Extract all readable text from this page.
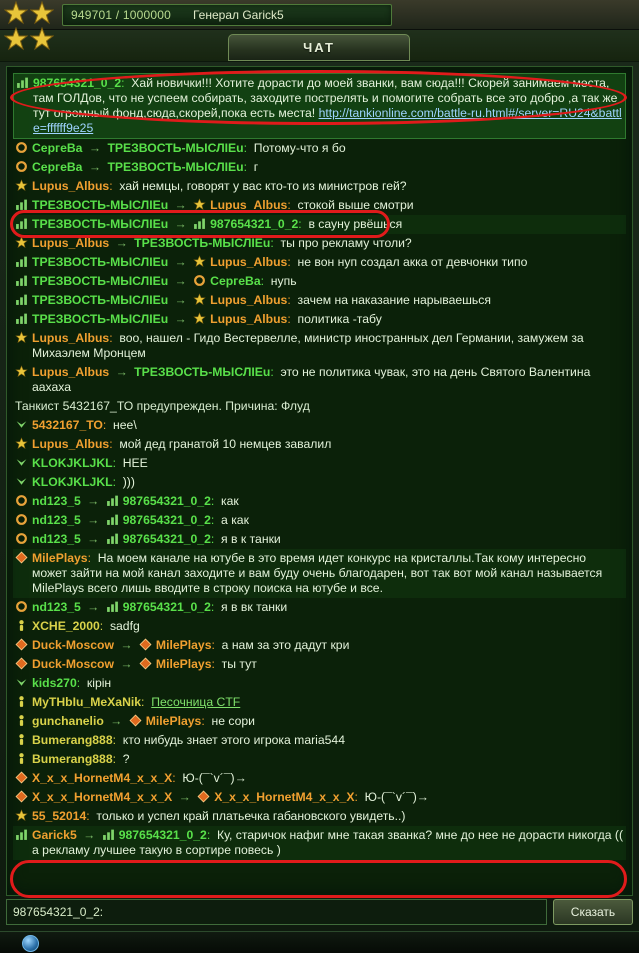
949701 / 1000000 Генерал Garick5
ЧАТ
987654321_0_2:  Хай новички!!! Хотите дорасти до моей званки, вам сюда!!! Скорей занимаем места, там ГОЛДов, что не успеем собирать, заходите пострелять и помогите собрать все это добро ,а так же тут огромный фонд,сюда,скорей,пока есть места! http://tankionline.com/battle-ru.html#/server=RU24&battle=ffffff9e25
СергеВа → ТРЕЗВОСТЬ-МЫСЛIEu:  Потому-что я бо
СергеВа → ТРЕЗВОСТЬ-МЫСЛIEu:  г
Lupus_Albus:  хай немцы, говорят у вас кто-то из министров гей?
ТРЕЗВОСТЬ-МЫСЛIEu → Lupus_Albus:  стокой выше смотри
ТРЕЗВОСТЬ-МЫСЛIEu → 987654321_0_2:  в сауну рвёшься
Lupus_Albus → ТРЕЗВОСТЬ-МЫСЛIEu:  ты про рекламу чтоли?
ТРЕЗВОСТЬ-МЫСЛIEu → Lupus_Albus:  не вон нуп создал акка от девчонки типо
ТРЕЗВОСТЬ-МЫСЛIEu → СергеВа:  нупь
ТРЕЗВОСТЬ-МЫСЛIEu → Lupus_Albus:  зачем на наказание нарываешься
ТРЕЗВОСТЬ-МЫСЛIEu → Lupus_Albus:  политика -табу
Lupus_Albus:  воо, нашел - Гидо Вестервелле, министр иностранных дел Германии, замужем за Михаэлем Мронцем
Lupus_Albus → ТРЕЗВОСТЬ-МЫСЛIEu:  это не политика чувак, это на день Святого Валентина аахаха
Танкист 5432167_ТО предупрежден. Причина: Флуд
5432167_ТО:  нее\
Lupus_Albus:  мой дед гранатой 10 немцев завалил
KLOKJKLJKL:  НЕЕ
KLOKJKLJKL:  )))
nd123_5 → 987654321_0_2:  как
nd123_5 → 987654321_0_2:  а как
nd123_5 → 987654321_0_2:  я в к танки
MilePlays:  На моем канале на ютубе в это время идет конкурс на кристаллы.Так кому интересно может зайти на мой канал заходите и вам буду очень благодарен, вот так вот мой канал называется MilePlays всего лишь вводите в строку поиска на ютубе и все.
nd123_5 → 987654321_0_2:  я в вк танки
XCHE_2000:  sadfg
Duck-Moscow → MilePlays:  а нам за это дадут кри
Duck-Moscow → MilePlays:  ты тут
kids270:  кірін
MyTHbIu_MeXaNik:  Песочница CTF
gunchanelio → MilePlays:  не сори
Bumerang888:  кто нибудь знает этого игрока maria544
Bumerang888:  ?
X_x_x_HornetM4_x_x_X:  Ю-(¯`v´¯)→
X_x_x_HornetM4_x_x_X → X_x_x_HornetM4_x_x_X:  Ю-(¯`v´¯)→
55_52014:  только и успел край платьечка габановского увидеть..)
Garick5 → 987654321_0_2:  Ку, старичок нафиг мне такая званка? мне до нее не дорасти никогда (( а рекламу лучшее такую в сортире повесь )
987654321_0_2:
Сказать
